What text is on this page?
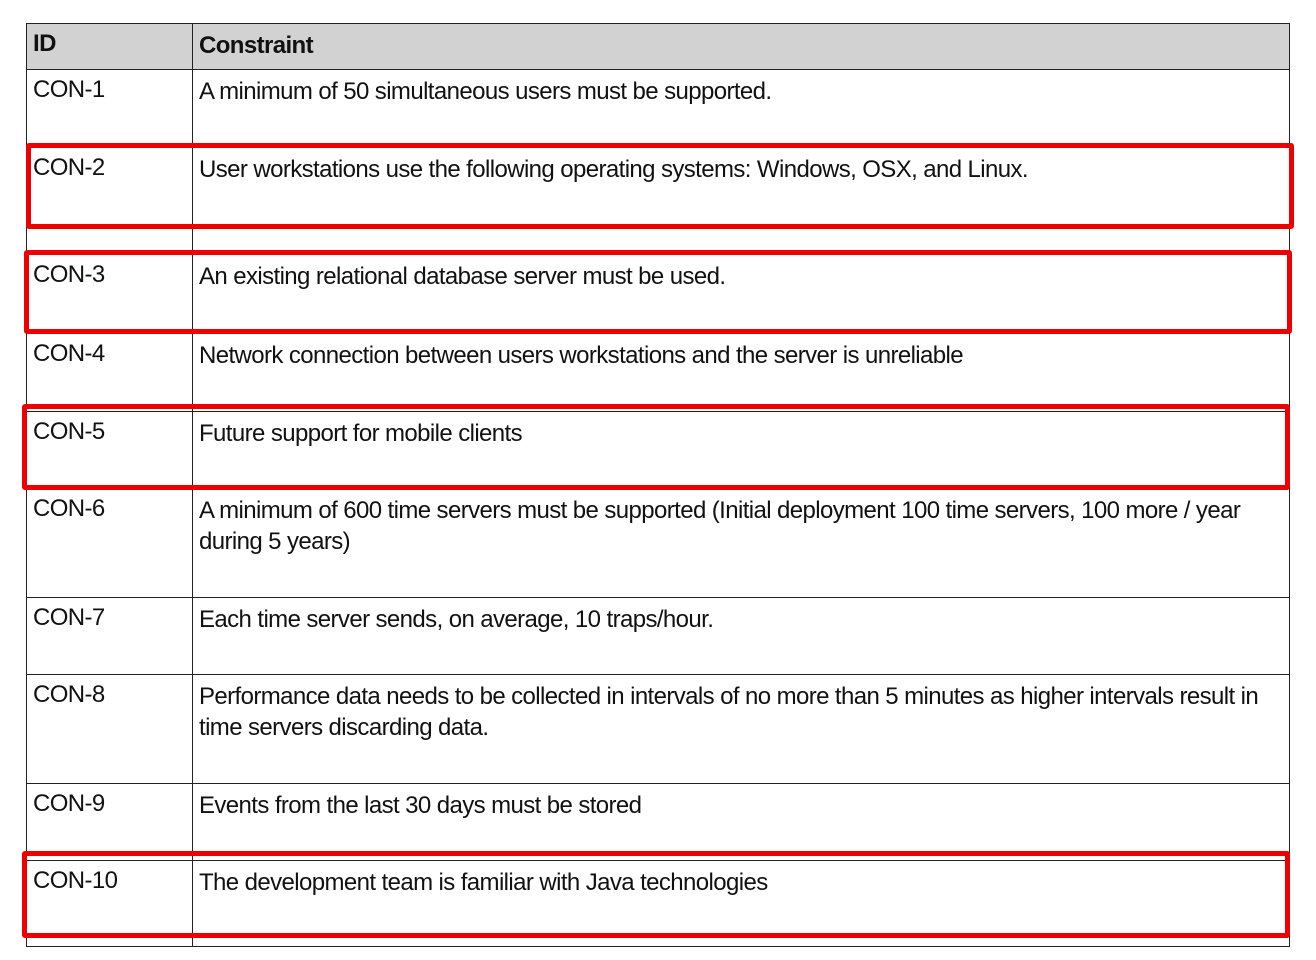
ID	Constraint
CON-1	A minimum of 50 simultaneous users must be supported.
CON-2	User workstations use the following operating systems: Windows, OSX, and Linux.
CON-3	An existing relational database server must be used.
CON-4	Network connection between users workstations and the server is unreliable
CON-5	Future support for mobile clients
CON-6	A minimum of 600 time servers must be supported (Initial deployment 100 time servers, 100 more / year during 5 years)
CON-7	Each time server sends, on average, 10 traps/hour.
CON-8	Performance data needs to be collected in intervals of no more than 5 minutes as higher intervals result in time servers discarding data.
CON-9	Events from the last 30 days must be stored
CON-10	The development team is familiar with Java technologies
